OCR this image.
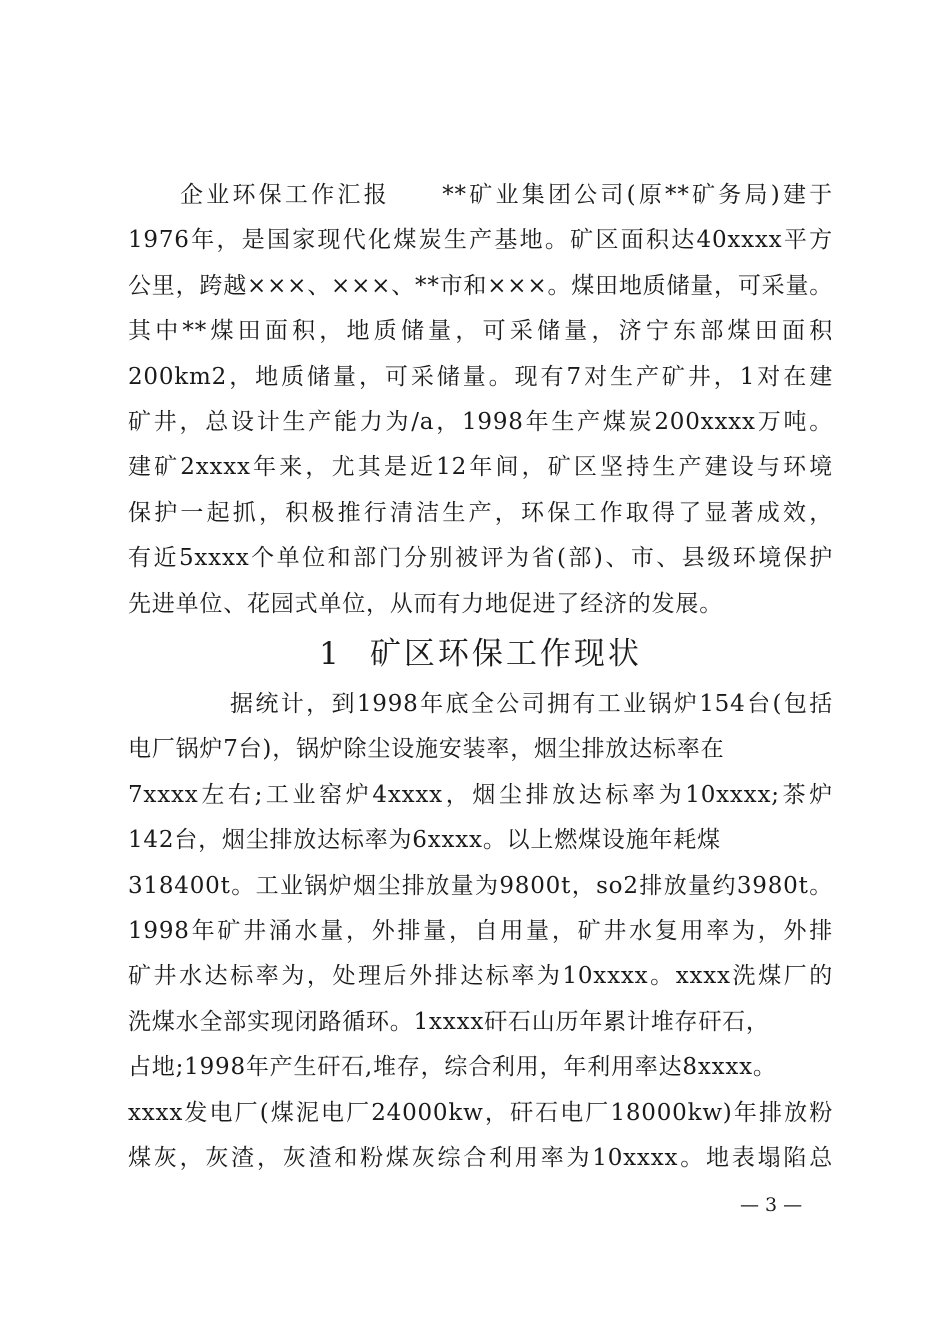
企业环保工作汇报　　**矿业集团公司(原**矿务局)建于
1976年，是国家现代化煤炭生产基地。矿区面积达40xxxx平方
公里，跨越×××、×××、**市和×××。煤田地质储量，可采量。
其中**煤田面积，地质储量，可采储量，济宁东部煤田面积
200km2，地质储量，可采储量。现有7对生产矿井，1对在建
矿井，总设计生产能力为/a，1998年生产煤炭200xxxx万吨。
建矿2xxxx年来，尤其是近12年间，矿区坚持生产建设与环境
保护一起抓，积极推行清洁生产，环保工作取得了显著成效，
有近5xxxx个单位和部门分别被评为省(部)、市、县级环境保护
先进单位、花园式单位，从而有力地促进了经济的发展。
1 矿区环保工作现状
据统计，到1998年底全公司拥有工业锅炉154台(包括
电厂锅炉7台)，锅炉除尘设施安装率，烟尘排放达标率在
7xxxx左右;工业窑炉4xxxx，烟尘排放达标率为10xxxx;茶炉
142台，烟尘排放达标率为6xxxx。以上燃煤设施年耗煤
318400t。工业锅炉烟尘排放量为9800t，so2排放量约3980t。
1998年矿井涌水量，外排量，自用量，矿井水复用率为，外排
矿井水达标率为，处理后外排达标率为10xxxx。xxxx洗煤厂的
洗煤水全部实现闭路循环。1xxxx矸石山历年累计堆存矸石，
占地;1998年产生矸石,堆存，综合利用，年利用率达8xxxx。
xxxx发电厂(煤泥电厂24000kw，矸石电厂18000kw)年排放粉
煤灰，灰渣，灰渣和粉煤灰综合利用率为10xxxx。地表塌陷总
— 3 —
